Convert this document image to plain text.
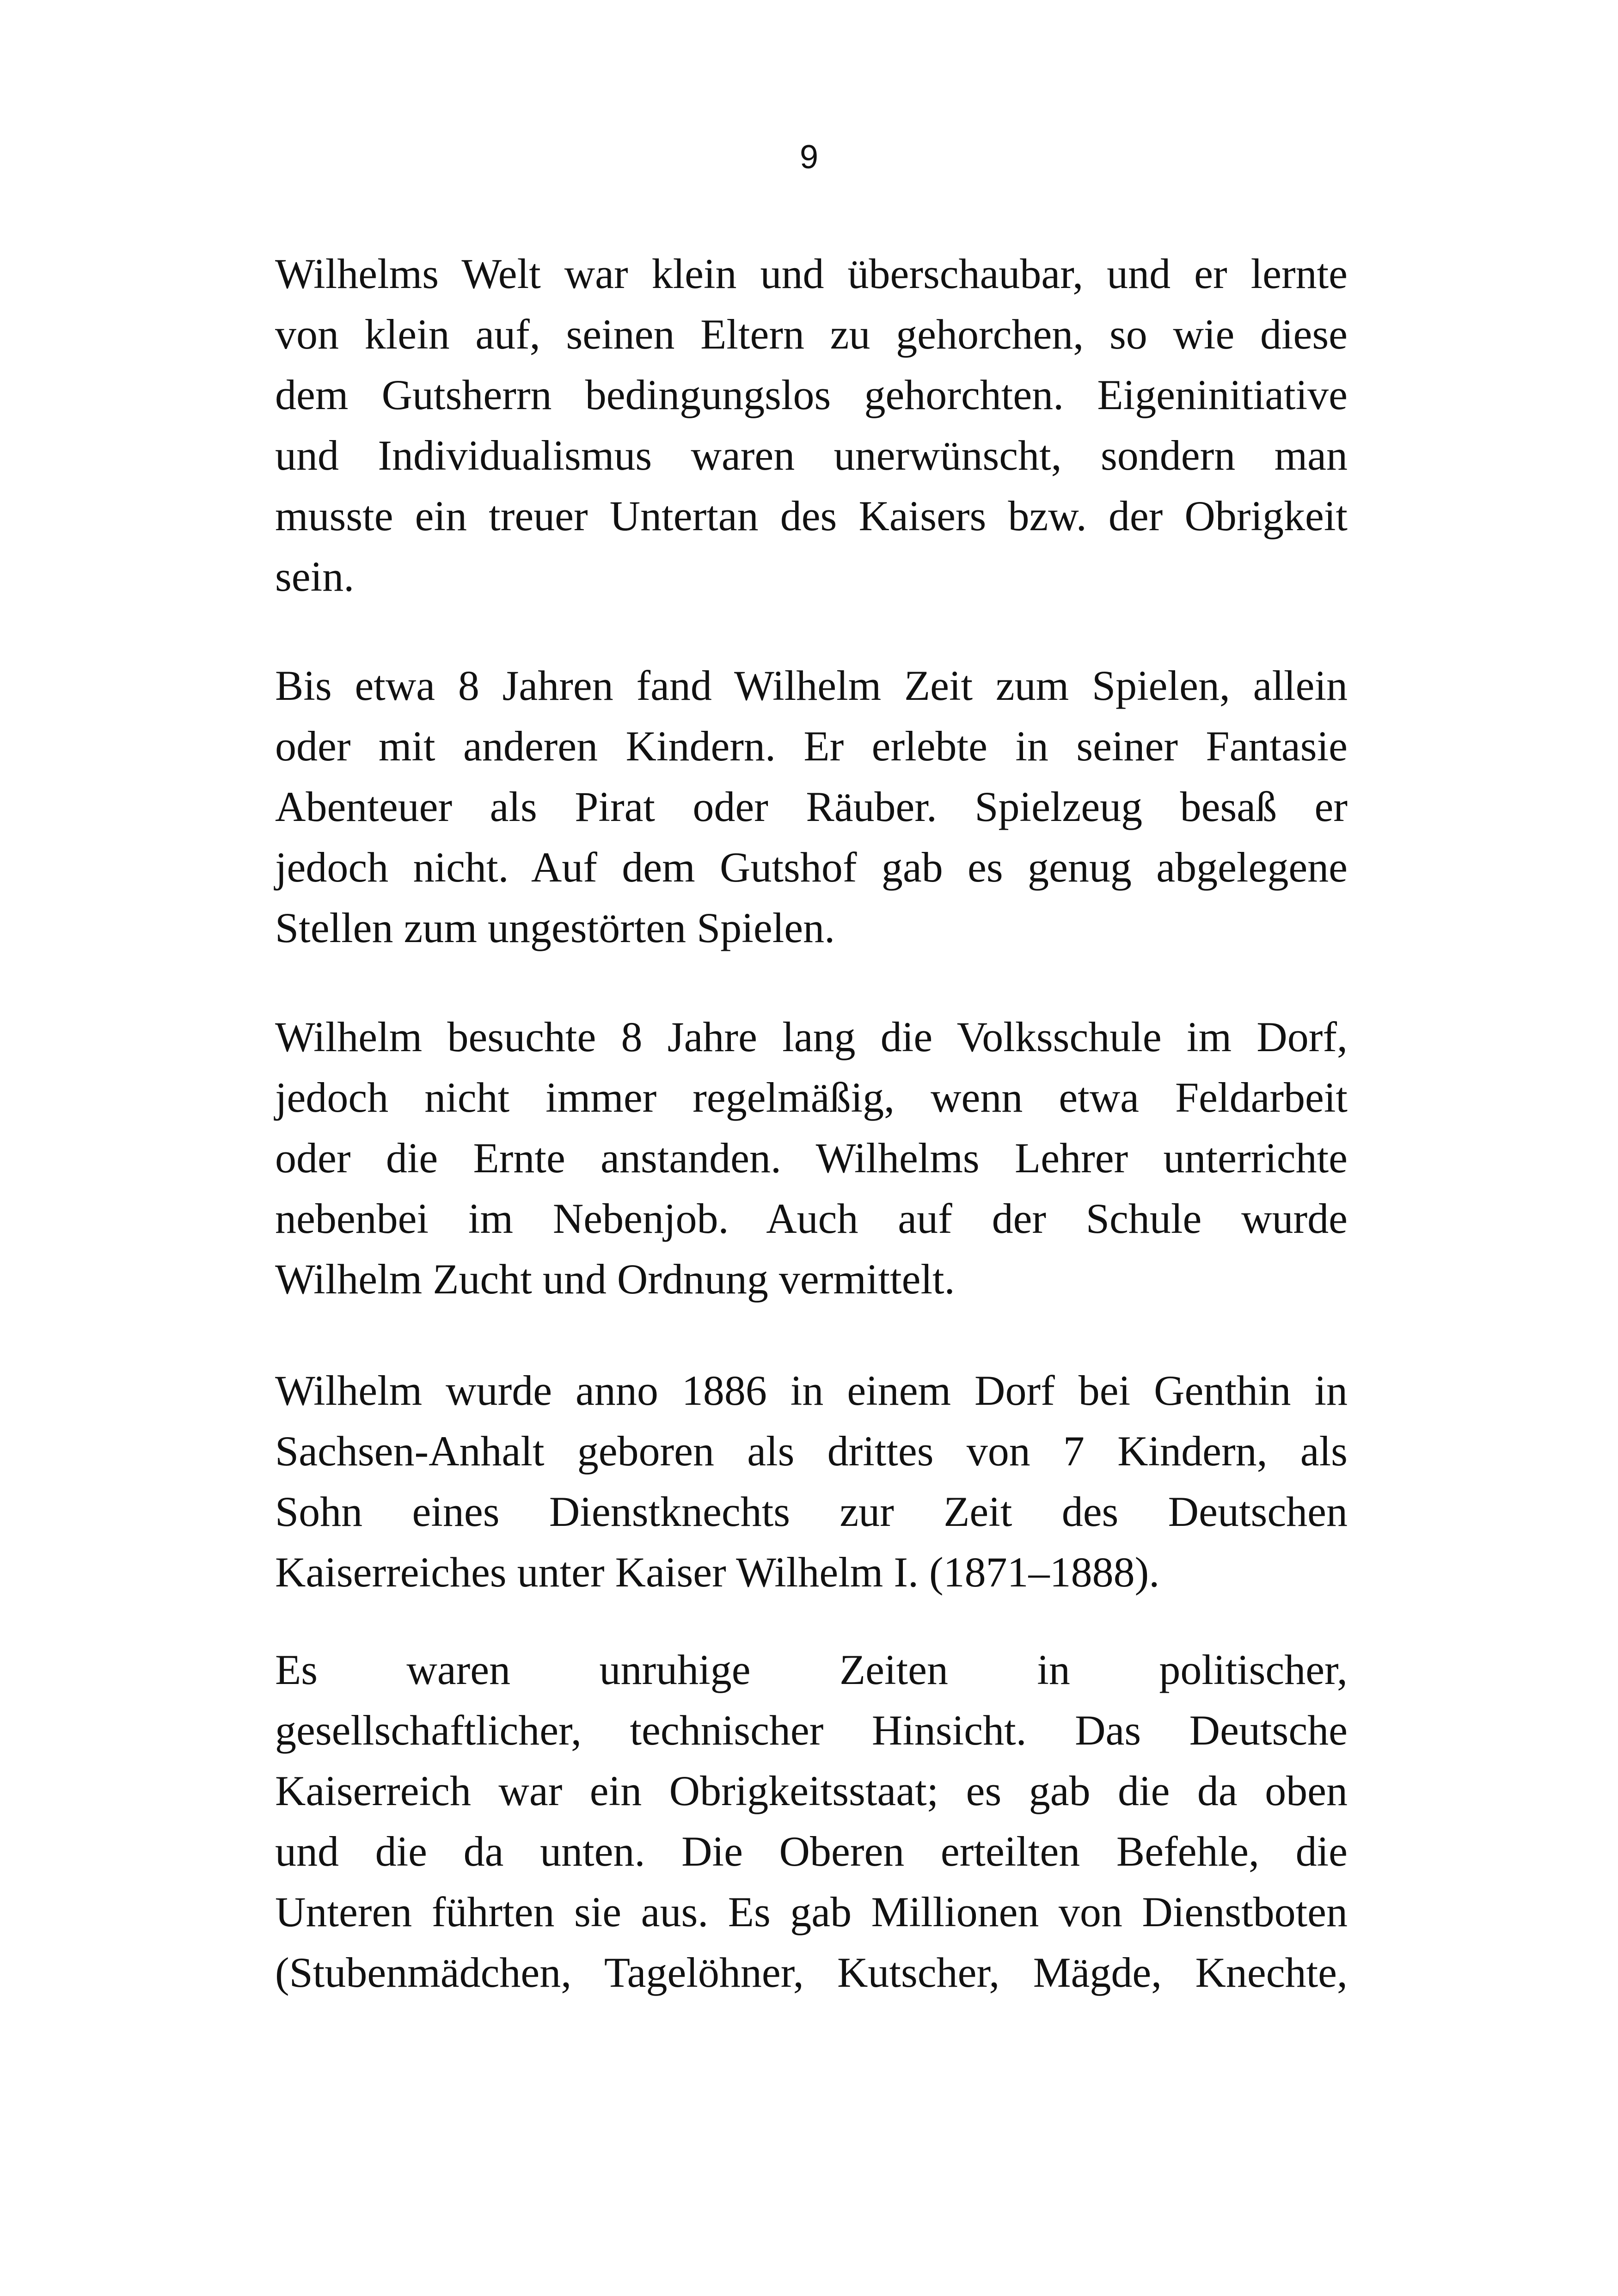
9
Wilhelms Welt war klein und überschaubar, und er lernte
von klein auf, seinen Eltern zu gehorchen, so wie diese
dem Gutsherrn bedingungslos gehorchten. Eigeninitiative
und Individualismus waren unerwünscht, sondern man
musste ein treuer Untertan des Kaisers bzw. der Obrigkeit
sein.
Bis etwa 8 Jahren fand Wilhelm Zeit zum Spielen, allein
oder mit anderen Kindern. Er erlebte in seiner Fantasie
Abenteuer als Pirat oder Räuber. Spielzeug besaß er
jedoch nicht. Auf dem Gutshof gab es genug abgelegene
Stellen zum ungestörten Spielen.
Wilhelm besuchte 8 Jahre lang die Volksschule im Dorf,
jedoch nicht immer regelmäßig, wenn etwa Feldarbeit
oder die Ernte anstanden. Wilhelms Lehrer unterrichte
nebenbei im Nebenjob. Auch auf der Schule wurde
Wilhelm Zucht und Ordnung vermittelt.
Wilhelm wurde anno 1886 in einem Dorf bei Genthin in
Sachsen-Anhalt geboren als drittes von 7 Kindern, als
Sohn eines Dienstknechts zur Zeit des Deutschen
Kaiserreiches unter Kaiser Wilhelm I. (1871–1888).
Es waren unruhige Zeiten in politischer,
gesellschaftlicher, technischer Hinsicht. Das Deutsche
Kaiserreich war ein Obrigkeitsstaat; es gab die da oben
und die da unten. Die Oberen erteilten Befehle, die
Unteren führten sie aus. Es gab Millionen von Dienstboten
(Stubenmädchen, Tagelöhner, Kutscher, Mägde, Knechte,
